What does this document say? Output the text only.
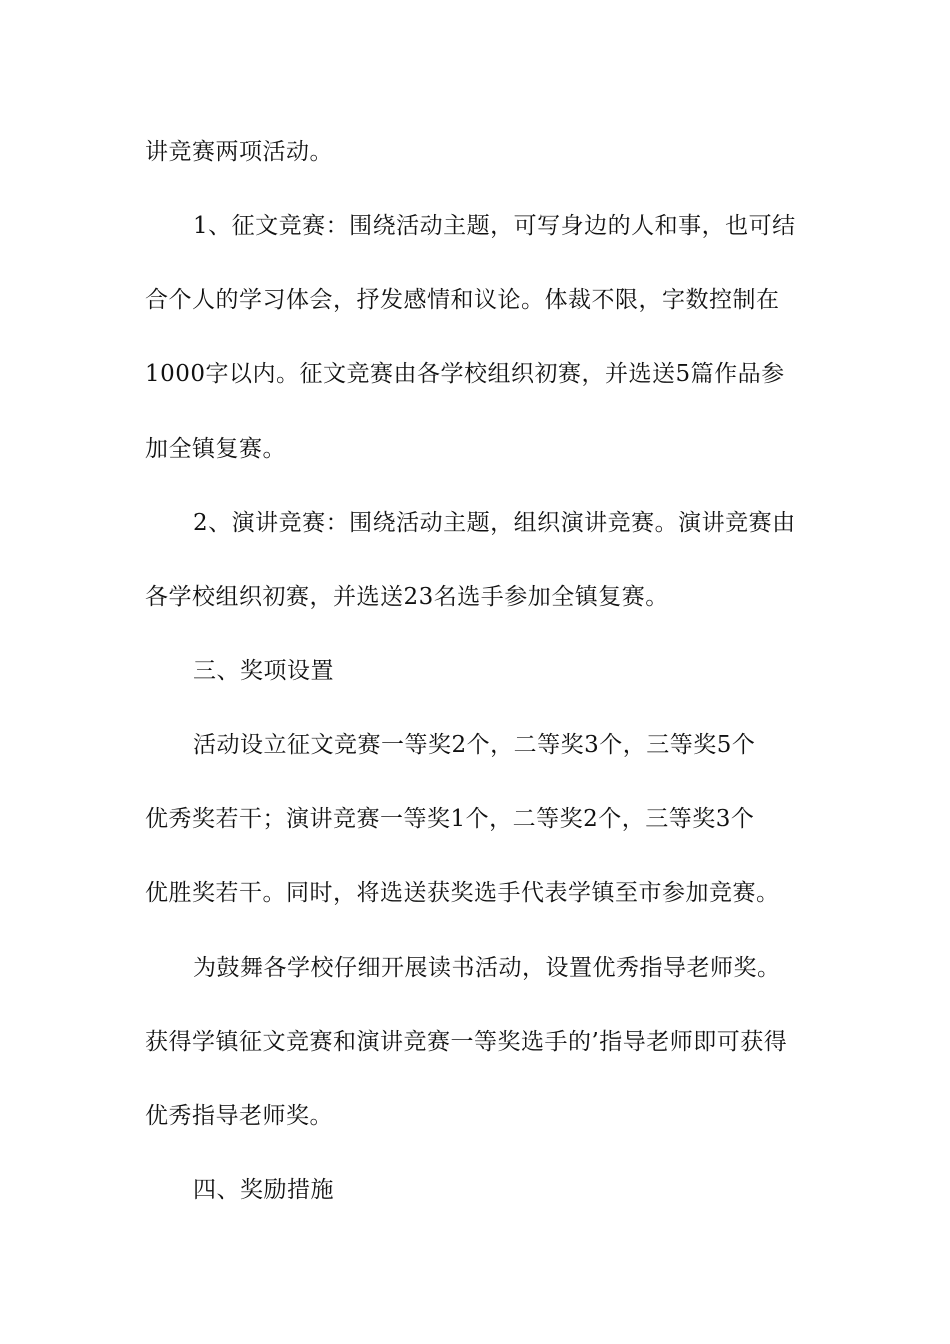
讲竞赛两项活动。
1、征文竞赛：围绕活动主题，可写身边的人和事，也可结
合个人的学习体会，抒发感情和议论。体裁不限，字数控制在
1000字以内。征文竞赛由各学校组织初赛，并选送5篇作品参
加全镇复赛。
2、演讲竞赛：围绕活动主题，组织演讲竞赛。演讲竞赛由
各学校组织初赛，并选送23名选手参加全镇复赛。
三、奖项设置
活动设立征文竞赛一等奖2个，二等奖3个，三等奖5个
优秀奖若干；演讲竞赛一等奖1个，二等奖2个，三等奖3个
优胜奖若干。同时，将选送获奖选手代表学镇至市参加竞赛。
为鼓舞各学校仔细开展读书活动，设置优秀指导老师奖。
获得学镇征文竞赛和演讲竞赛一等奖选手的’指导老师即可获得
优秀指导老师奖。
四、奖励措施
